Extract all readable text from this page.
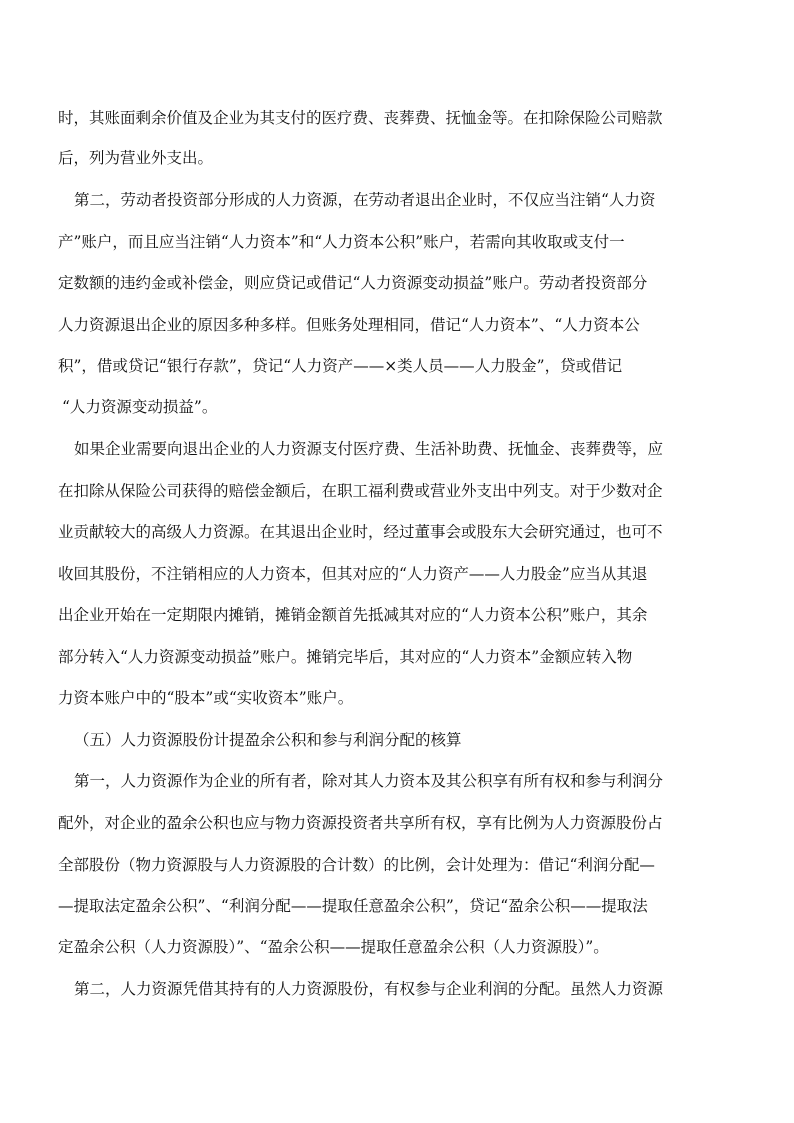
时，其账面剩余价值及企业为其支付的医疗费、丧葬费、抚恤金等。在扣除保险公司赔款

后，列为营业外支出。

第二，劳动者投资部分形成的人力资源，在劳动者退出企业时，不仅应当注销“人力资

产”账户，而且应当注销“人力资本”和“人力资本公积”账户，若需向其收取或支付一

定数额的违约金或补偿金，则应贷记或借记“人力资源变动损益”账户。劳动者投资部分

人力资源退出企业的原因多种多样。但账务处理相同，借记“人力资本”、“人力资本公

积”，借或贷记“银行存款”，贷记“人力资产——×类人员——人力股金”，贷或借记

“人力资源变动损益”。

如果企业需要向退出企业的人力资源支付医疗费、生活补助费、抚恤金、丧葬费等，应

在扣除从保险公司获得的赔偿金额后，在职工福利费或营业外支出中列支。对于少数对企

业贡献较大的高级人力资源。在其退出企业时，经过董事会或股东大会研究通过，也可不

收回其股份，不注销相应的人力资本，但其对应的“人力资产——人力股金”应当从其退

出企业开始在一定期限内摊销，摊销金额首先抵减其对应的“人力资本公积”账户，其余

部分转入“人力资源变动损益”账户。摊销完毕后，其对应的“人力资本”金额应转入物

力资本账户中的“股本”或“实收资本”账户。

（五）人力资源股份计提盈余公积和参与利润分配的核算

第一，人力资源作为企业的所有者，除对其人力资本及其公积享有所有权和参与利润分

配外，对企业的盈余公积也应与物力资源投资者共享所有权，享有比例为人力资源股份占

全部股份（物力资源股与人力资源股的合计数）的比例，会计处理为：借记“利润分配—

—提取法定盈余公积”、“利润分配——提取任意盈余公积”，贷记“盈余公积——提取法

定盈余公积（人力资源股）”、“盈余公积——提取任意盈余公积（人力资源股）”。

第二，人力资源凭借其持有的人力资源股份，有权参与企业利润的分配。虽然人力资源
